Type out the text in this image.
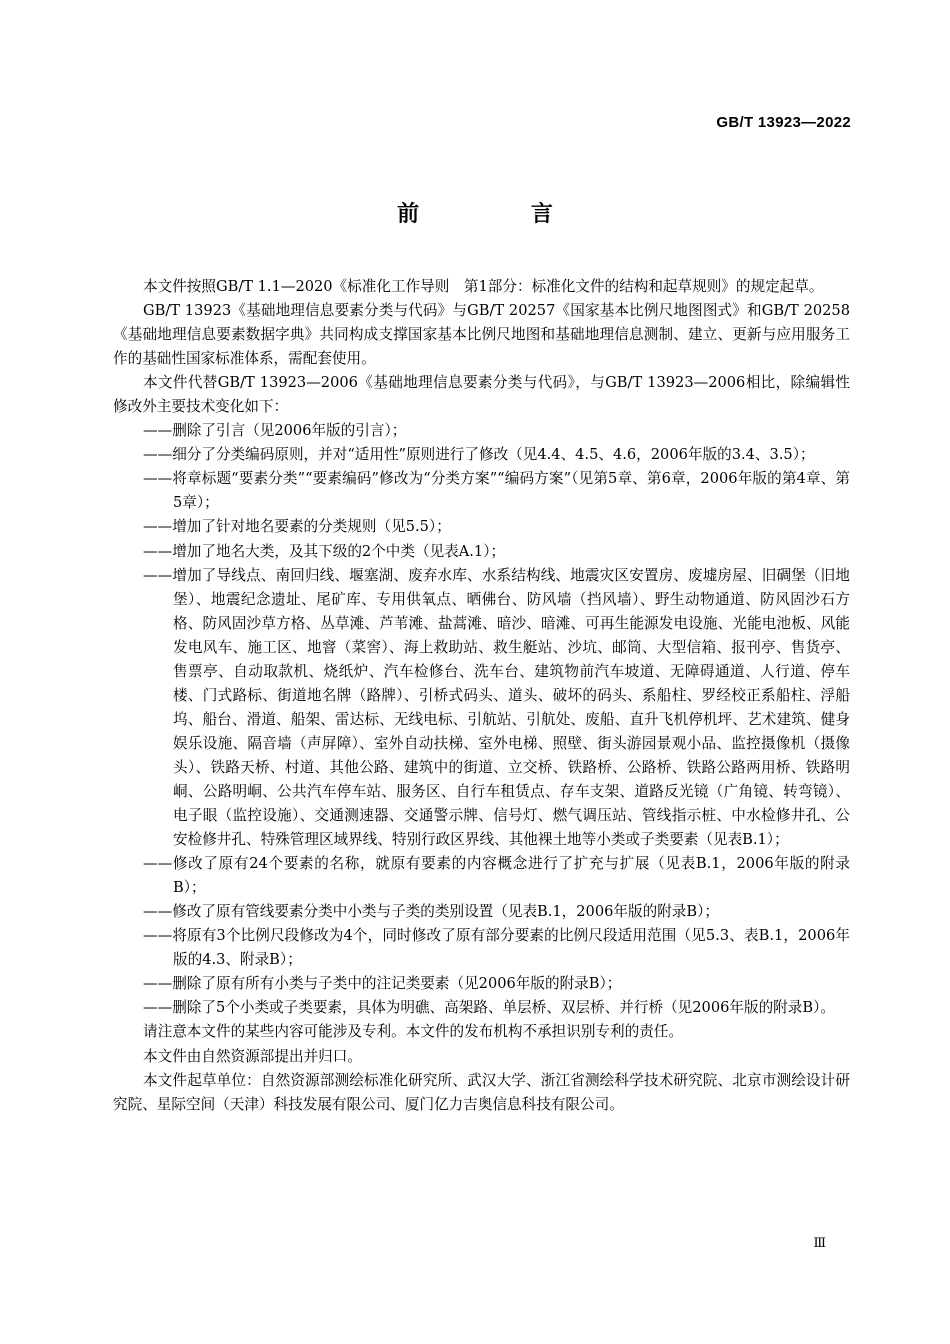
GB/T 13923—2022
前 言

本文件按照GB/T 1.1—2020《标准化工作导则　第1部分：标准化文件的结构和起草规则》的规定起草。

GB/T 13923《基础地理信息要素分类与代码》与GB/T 20257《国家基本比例尺地图图式》和GB/T 20258《基础地理信息要素数据字典》共同构成支撑国家基本比例尺地图和基础地理信息测制、建立、更新与应用服务工作的基础性国家标准体系，需配套使用。

本文件代替GB/T 13923—2006《基础地理信息要素分类与代码》，与GB/T 13923—2006相比，除编辑性修改外主要技术变化如下：

——删除了引言（见2006年版的引言）；

——细分了分类编码原则，并对“适用性”原则进行了修改（见4.4、4.5、4.6，2006年版的3.4、3.5）；

——将章标题“要素分类”“要素编码”修改为“分类方案”“编码方案”（见第5章、第6章，2006年版的第4章、第5章）；

——增加了针对地名要素的分类规则（见5.5）；

——增加了地名大类，及其下级的2个中类（见表A.1）；

——增加了导线点、南回归线、堰塞湖、废弃水库、水系结构线、地震灾区安置房、废墟房屋、旧碉堡（旧地堡）、地震纪念遗址、尾矿库、专用供氧点、晒佛台、防风墙（挡风墙）、野生动物通道、防风固沙石方格、防风固沙草方格、丛草滩、芦苇滩、盐蒿滩、暗沙、暗滩、可再生能源发电设施、光能电池板、风能发电风车、施工区、地窨（菜窖）、海上救助站、救生艇站、沙坑、邮筒、大型信箱、报刊亭、售货亭、售票亭、自动取款机、烧纸炉、汽车检修台、洗车台、建筑物前汽车坡道、无障碍通道、人行道、停车楼、门式路标、街道地名牌（路牌）、引桥式码头、道头、破坏的码头、系船柱、罗经校正系船柱、浮船坞、船台、滑道、船架、雷达标、无线电标、引航站、引航处、废船、直升飞机停机坪、艺术建筑、健身娱乐设施、隔音墙（声屏障）、室外自动扶梯、室外电梯、照壁、街头游园景观小品、监控摄像机（摄像头）、铁路天桥、村道、其他公路、建筑中的街道、立交桥、铁路桥、公路桥、铁路公路两用桥、铁路明峒、公路明峒、公共汽车停车站、服务区、自行车租赁点、存车支架、道路反光镜（广角镜、转弯镜）、电子眼（监控设施）、交通测速器、交通警示牌、信号灯、燃气调压站、管线指示桩、中水检修井孔、公安检修井孔、特殊管理区域界线、特别行政区界线、其他裸土地等小类或子类要素（见表B.1）；

——修改了原有24个要素的名称，就原有要素的内容概念进行了扩充与扩展（见表B.1，2006年版的附录B）；

——修改了原有管线要素分类中小类与子类的类别设置（见表B.1，2006年版的附录B）；

——将原有3个比例尺段修改为4个，同时修改了原有部分要素的比例尺段适用范围（见5.3、表B.1，2006年版的4.3、附录B）；

——删除了原有所有小类与子类中的注记类要素（见2006年版的附录B）；

——删除了5个小类或子类要素，具体为明礁、高架路、单层桥、双层桥、并行桥（见2006年版的附录B）。

请注意本文件的某些内容可能涉及专利。本文件的发布机构不承担识别专利的责任。

本文件由自然资源部提出并归口。

本文件起草单位：自然资源部测绘标准化研究所、武汉大学、浙江省测绘科学技术研究院、北京市测绘设计研究院、星际空间（天津）科技发展有限公司、厦门亿力吉奥信息科技有限公司。

Ⅲ
